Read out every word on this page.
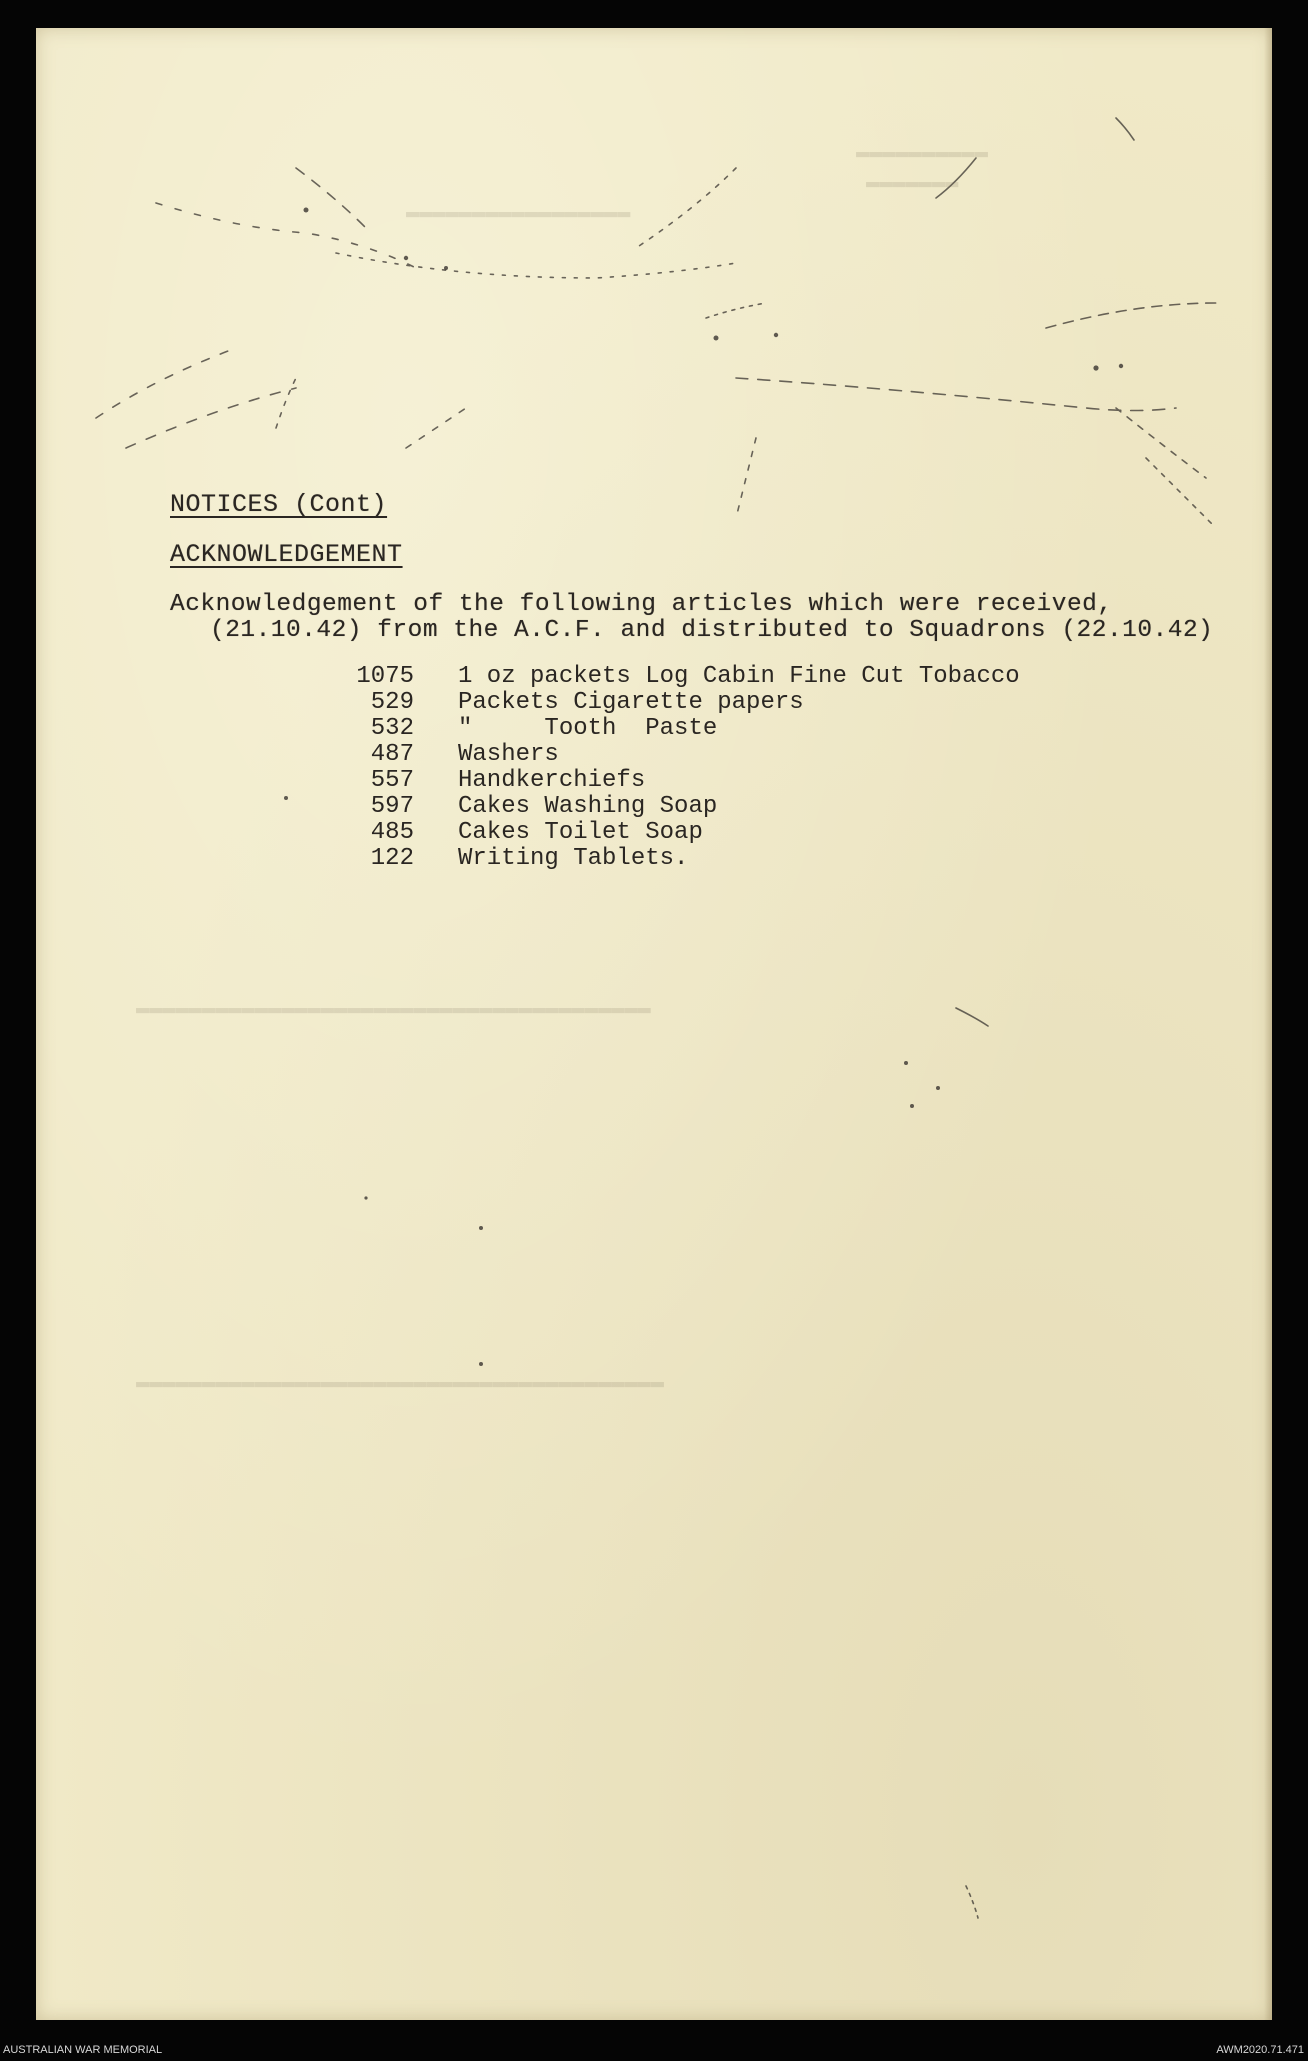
▬▬▬▬▬▬▬▬▬▬
▬▬▬▬▬▬▬
▬▬▬▬▬▬▬▬▬▬▬▬▬▬▬▬▬
▬▬▬▬▬▬▬▬▬▬▬▬▬▬▬▬▬▬▬▬▬▬▬▬▬▬▬▬▬▬▬▬▬▬▬▬▬▬▬
▬▬▬▬▬▬▬▬▬▬▬▬▬▬▬▬▬▬▬▬▬▬▬▬▬▬▬▬▬▬▬▬▬▬▬▬▬▬▬▬
NOTICES (Cont)
ACKNOWLEDGEMENT
Acknowledgement of the following articles which were received,
(21.10.42) from the A.C.F. and distributed to Squadrons (22.10.42)
1075 1 oz packets Log Cabin Fine Cut Tobacco
529 Packets Cigarette papers
532 "     Tooth  Paste
487 Washers
557 Handkerchiefs
597 Cakes Washing Soap
485 Cakes Toilet Soap
122 Writing Tablets.
AUSTRALIAN WAR MEMORIAL	AWM2020.71.471
